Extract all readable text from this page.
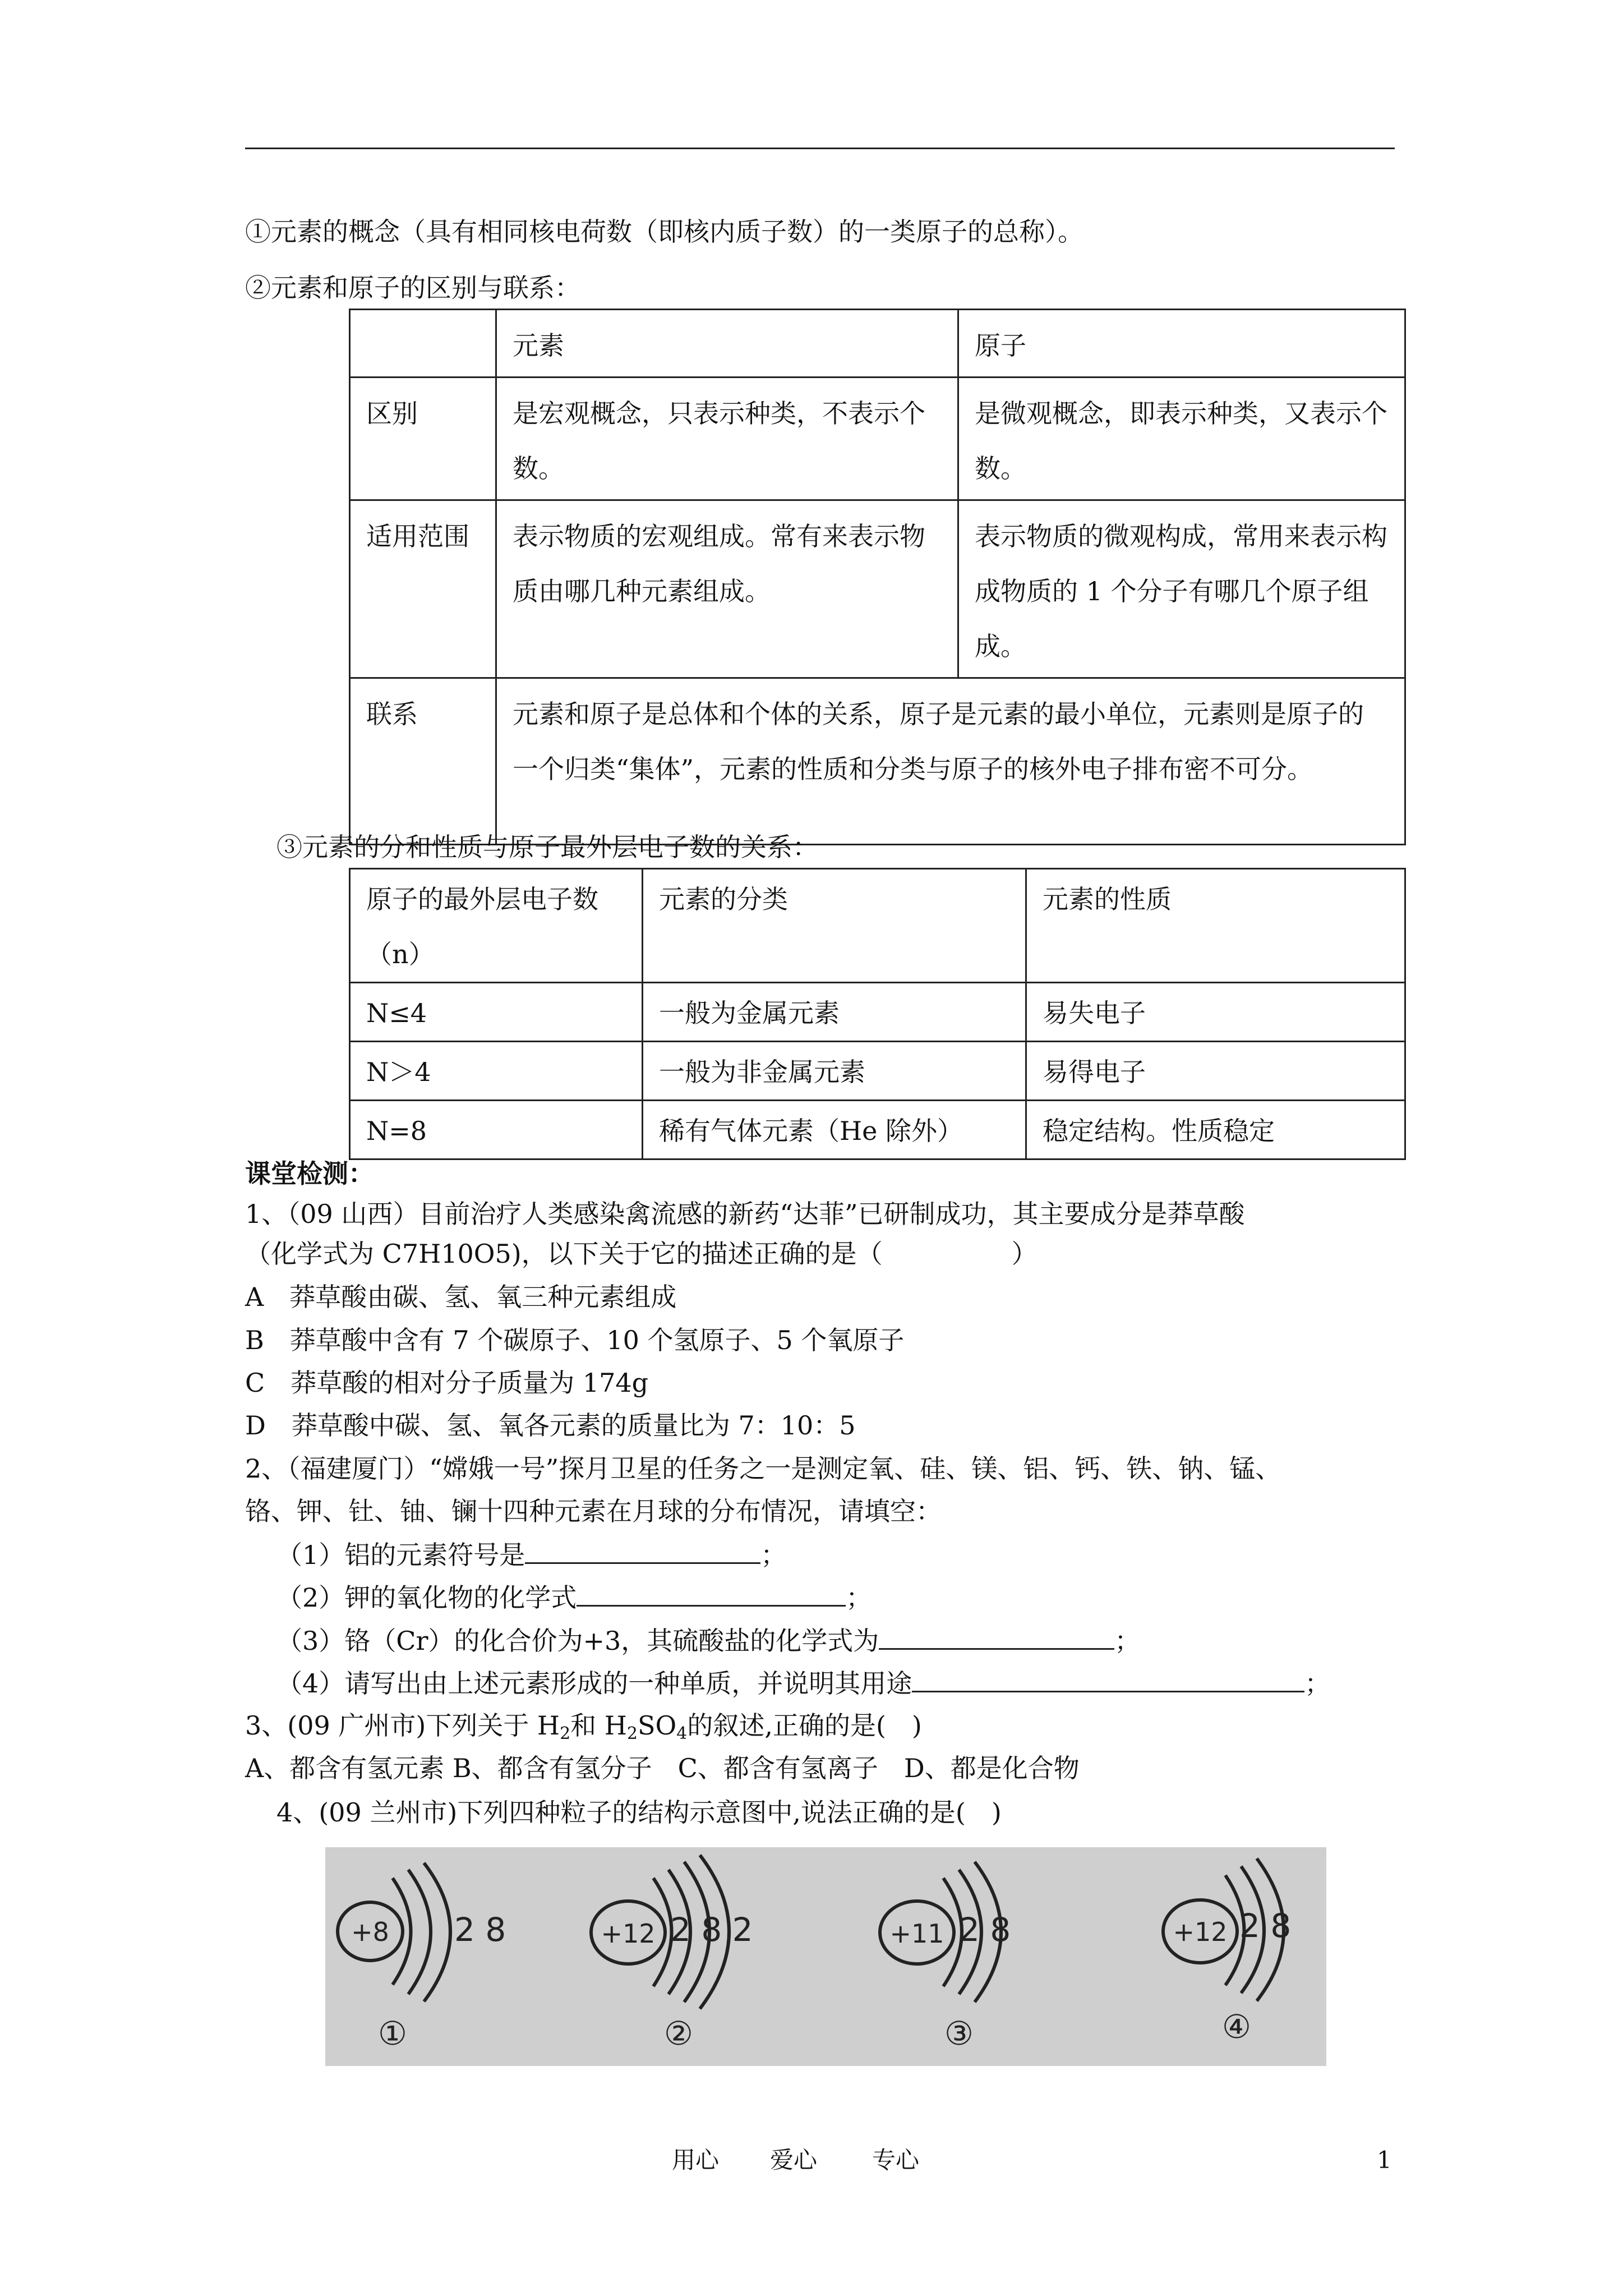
①元素的概念（具有相同核电荷数（即核内质子数）的一类原子的总称）。
②元素和原子的区别与联系：
	元素	原子
区别	是宏观概念，只表示种类，不表示个数。	是微观概念，即表示种类，又表示个数。
适用范围	表示物质的宏观组成。常有来表示物质由哪几种元素组成。	表示物质的微观构成，常用来表示构成物质的 1 个分子有哪几个原子组成。
联系	元素和原子是总体和个体的关系，原子是元素的最小单位，元素则是原子的一个归类“集体”，元素的性质和分类与原子的核外电子排布密不可分。	
③元素的分和性质与原子最外层电子数的关系：
原子的最外层电子数（n）	元素的分类	元素的性质
N≤4	一般为金属元素	易失电子
N＞4	一般为非金属元素	易得电子
N=8	稀有气体元素（He 除外）	稳定结构。性质稳定
课堂检测：
1、（09 山西）目前治疗人类感染禽流感的新药“达菲”已研制成功，其主要成分是莽草酸
（化学式为 C7H10O5)，以下关于它的描述正确的是（　　　　　）
A　莽草酸由碳、氢、氧三种元素组成
B　莽草酸中含有 7 个碳原子、10 个氢原子、5 个氧原子
C　莽草酸的相对分子质量为 174g
D　莽草酸中碳、氢、氧各元素的质量比为 7：10：5
2、（福建厦门）“嫦娥一号”探月卫星的任务之一是测定氧、硅、镁、铝、钙、铁、钠、锰、
铬、钾、钍、铀、镧十四种元素在月球的分布情况，请填空：
（1）铝的元素符号是	；
（2）钾的氧化物的化学式	；
（3）铬（Cr）的化合价为+3，其硫酸盐的化学式为	；
（4）请写出由上述元素形成的一种单质，并说明其用途	；
3、(09 广州市)下列关于 $H_2$和 $H_2SO_4$的叙述,正确的是(　)
A、都含有氢元素 B、都含有氢分子　C、都含有氢离子　D、都是化合物
4、(09 兰州市)下列四种粒子的结构示意图中,说法正确的是(　)
+8 2 8
①
+12 2 8 2
②
+11 2 8
③
+12 2 8
④
用心 爱心 专心	1
